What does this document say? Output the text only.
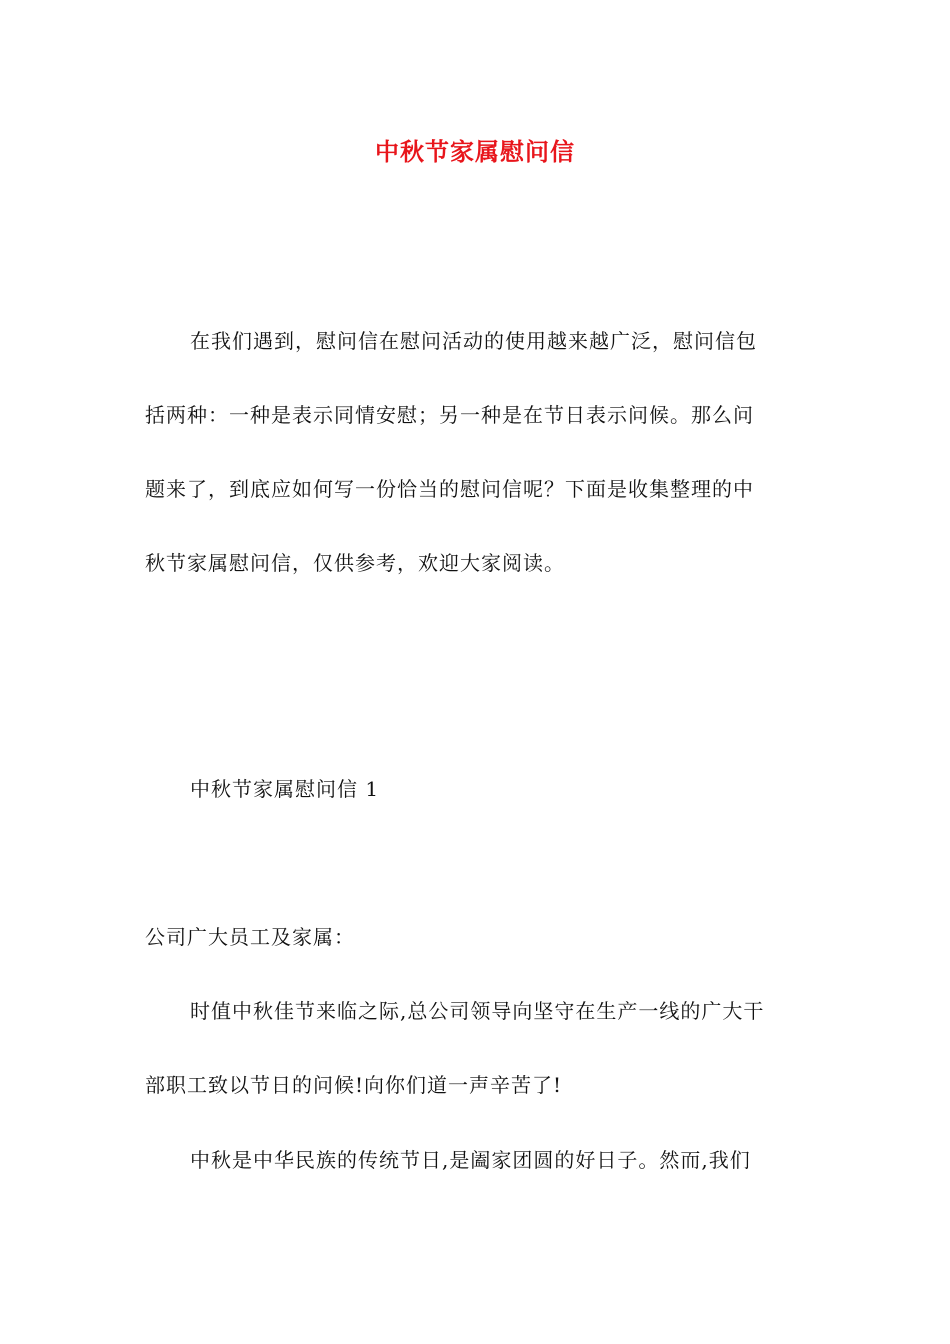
中秋节家属慰问信
在我们遇到，慰问信在慰问活动的使用越来越广泛，慰问信包
括两种：一种是表示同情安慰；另一种是在节日表示问候。那么问
题来了，到底应如何写一份恰当的慰问信呢？下面是收集整理的中
秋节家属慰问信，仅供参考，欢迎大家阅读。
中秋节家属慰问信 1
公司广大员工及家属：
时值中秋佳节来临之际,总公司领导向坚守在生产一线的广大干
部职工致以节日的问候!向你们道一声辛苦了!
中秋是中华民族的传统节日,是阖家团圆的好日子。然而,我们
